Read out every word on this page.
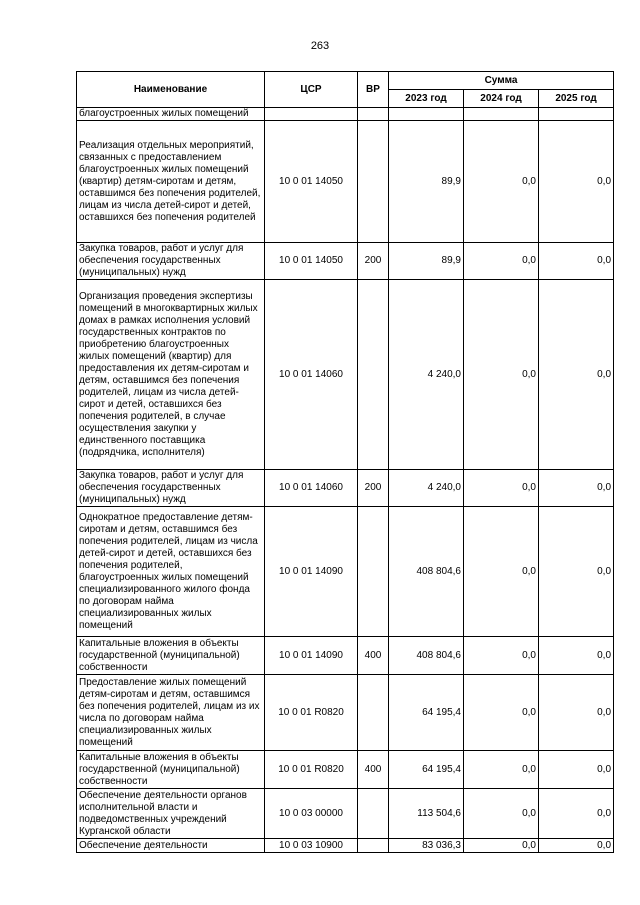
263
Наименование	ЦСР	ВР	Сумма		
			2023 год	2024 год	2025 год
благоустроенных жилых помещений					
Реализация отдельных мероприятий, связанных с предоставлением благоустроенных жилых помещений (квартир) детям-сиротам и детям, оставшимся без попечения родителей, лицам из числа детей-сирот и детей, оставшихся без попечения родителей	10 0 01 14050		89,9	0,0	0,0
Закупка товаров, работ и услуг для обеспечения государственных (муниципальных) нужд	10 0 01 14050	200	89,9	0,0	0,0
Организация проведения экспертизы помещений в многоквартирных жилых домах в рамках исполнения условий государственных контрактов по приобретению благоустроенных жилых помещений (квартир) для предоставления их детям-сиротам и детям, оставшимся без попечения родителей, лицам из числа детей-сирот и детей, оставшихся без попечения родителей, в случае осуществления закупки у единственного поставщика (подрядчика, исполнителя)	10 0 01 14060		4 240,0	0,0	0,0
Закупка товаров, работ и услуг для обеспечения государственных (муниципальных) нужд	10 0 01 14060	200	4 240,0	0,0	0,0
Однократное предоставление детям-сиротам и детям, оставшимся без попечения родителей, лицам из числа детей-сирот и детей, оставшихся без попечения родителей, благоустроенных жилых помещений специализированного жилого фонда по договорам найма специализированных жилых помещений	10 0 01 14090		408 804,6	0,0	0,0
Капитальные вложения в объекты государственной (муниципальной) собственности	10 0 01 14090	400	408 804,6	0,0	0,0
Предоставление жилых помещений детям-сиротам и детям, оставшимся без попечения родителей, лицам из их числа по договорам найма специализированных жилых помещений	10 0 01 R0820		64 195,4	0,0	0,0
Капитальные вложения в объекты государственной (муниципальной) собственности	10 0 01 R0820	400	64 195,4	0,0	0,0
Обеспечение деятельности органов исполнительной власти и подведомственных учреждений Курганской области	10 0 03 00000		113 504,6	0,0	0,0
Обеспечение деятельности	10 0 03 10900		83 036,3	0,0	0,0
